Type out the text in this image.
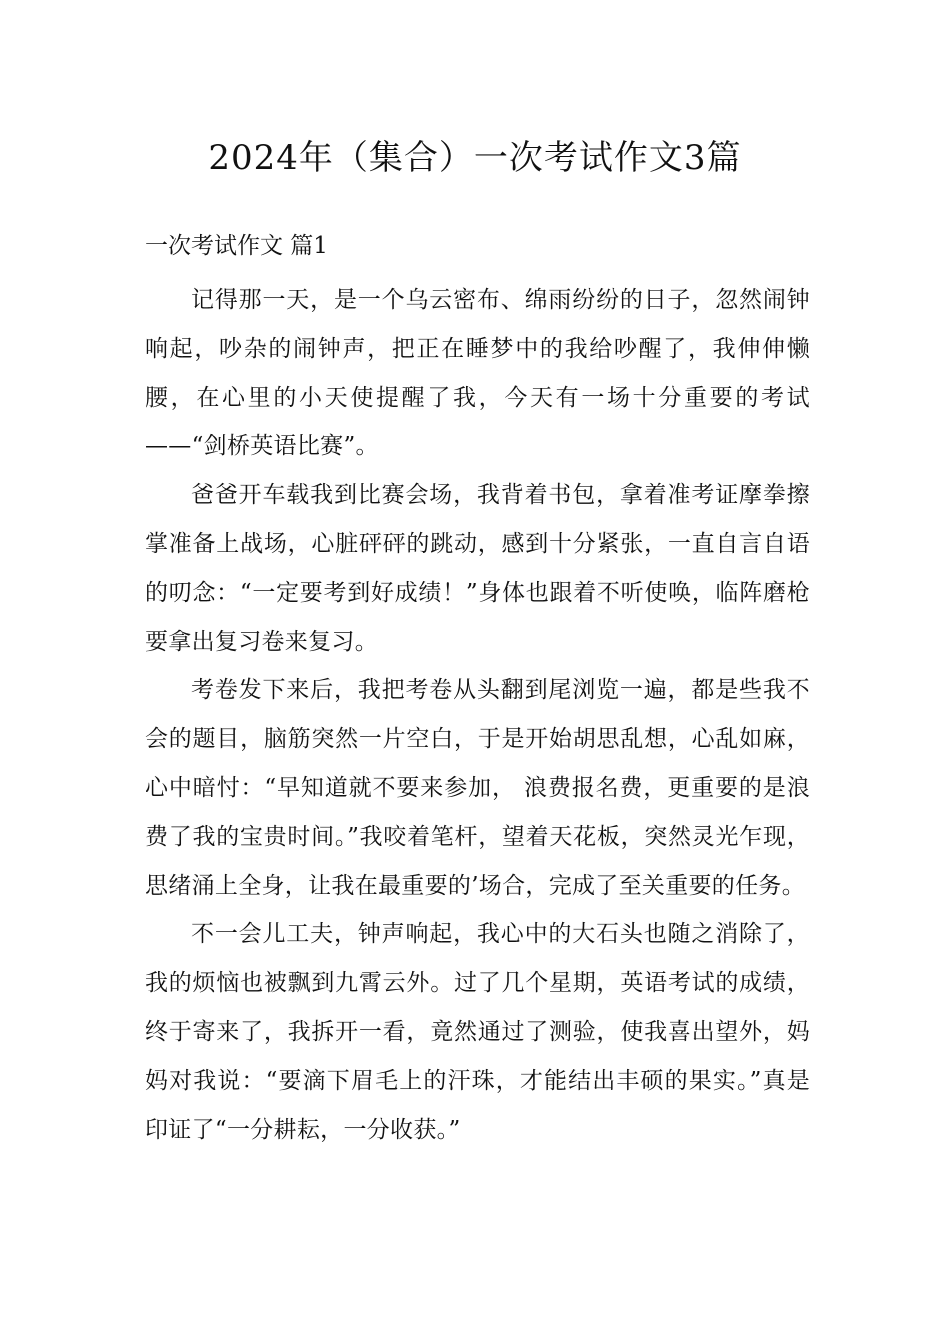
2024年（集合）一次考试作文3篇
一次考试作文 篇1

记得那一天，是一个乌云密布、绵雨纷纷的日子，忽然闹钟响起，吵杂的闹钟声，把正在睡梦中的我给吵醒了，我伸伸懒腰，在心里的小天使提醒了我，今天有一场十分重要的考试——“剑桥英语比赛”。

爸爸开车载我到比赛会场，我背着书包，拿着准考证摩拳擦掌准备上战场，心脏砰砰的跳动，感到十分紧张，一直自言自语的叨念：“一定要考到好成绩！”身体也跟着不听使唤，临阵磨枪要拿出复习卷来复习。

考卷发下来后，我把考卷从头翻到尾浏览一遍，都是些我不会的题目，脑筋突然一片空白，于是开始胡思乱想，心乱如麻，心中暗忖：“早知道就不要来参加， 浪费报名费，更重要的是浪费了我的宝贵时间。”我咬着笔杆，望着天花板，突然灵光乍现，思绪涌上全身，让我在最重要的’场合，完成了至关重要的任务。

不一会儿工夫，钟声响起，我心中的大石头也随之消除了，我的烦恼也被飘到九霄云外。过了几个星期，英语考试的成绩，终于寄来了，我拆开一看，竟然通过了测验，使我喜出望外，妈妈对我说：“要滴下眉毛上的汗珠，才能结出丰硕的果实。”真是印证了“一分耕耘，一分收获。”
